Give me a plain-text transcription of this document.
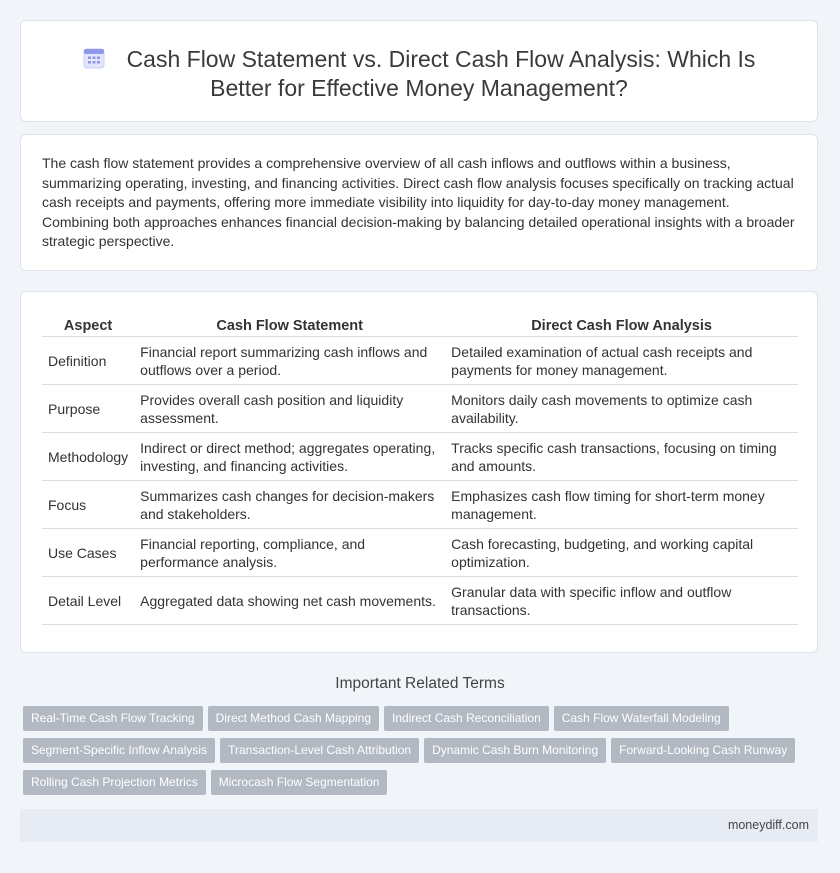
Cash Flow Statement vs. Direct Cash Flow Analysis: Which Is
Better for Effective Money Management?
The cash flow statement provides a comprehensive overview of all cash inflows and outflows within a business, summarizing operating, investing, and financing activities. Direct cash flow analysis focuses specifically on tracking actual cash receipts and payments, offering more immediate visibility into liquidity for day-to-day money management. Combining both approaches enhances financial decision-making by balancing detailed operational insights with a broader strategic perspective.
Aspect	Cash Flow Statement	Direct Cash Flow Analysis
Definition	Financial report summarizing cash inflows and outflows over a period.	Detailed examination of actual cash receipts and payments for money management.
Purpose	Provides overall cash position and liquidity assessment.	Monitors daily cash movements to optimize cash availability.
Methodology	Indirect or direct method; aggregates operating, investing, and financing activities.	Tracks specific cash transactions, focusing on timing and amounts.
Focus	Summarizes cash changes for decision-makers and stakeholders.	Emphasizes cash flow timing for short-term money management.
Use Cases	Financial reporting, compliance, and performance analysis.	Cash forecasting, budgeting, and working capital optimization.
Detail Level	Aggregated data showing net cash movements.	Granular data with specific inflow and outflow transactions.
Important Related Terms
Real-Time Cash Flow Tracking Direct Method Cash Mapping Indirect Cash Reconciliation Cash Flow Waterfall Modeling
Segment-Specific Inflow Analysis Transaction-Level Cash Attribution Dynamic Cash Burn Monitoring Forward-Looking Cash Runway
Rolling Cash Projection Metrics Microcash Flow Segmentation
moneydiff.com
